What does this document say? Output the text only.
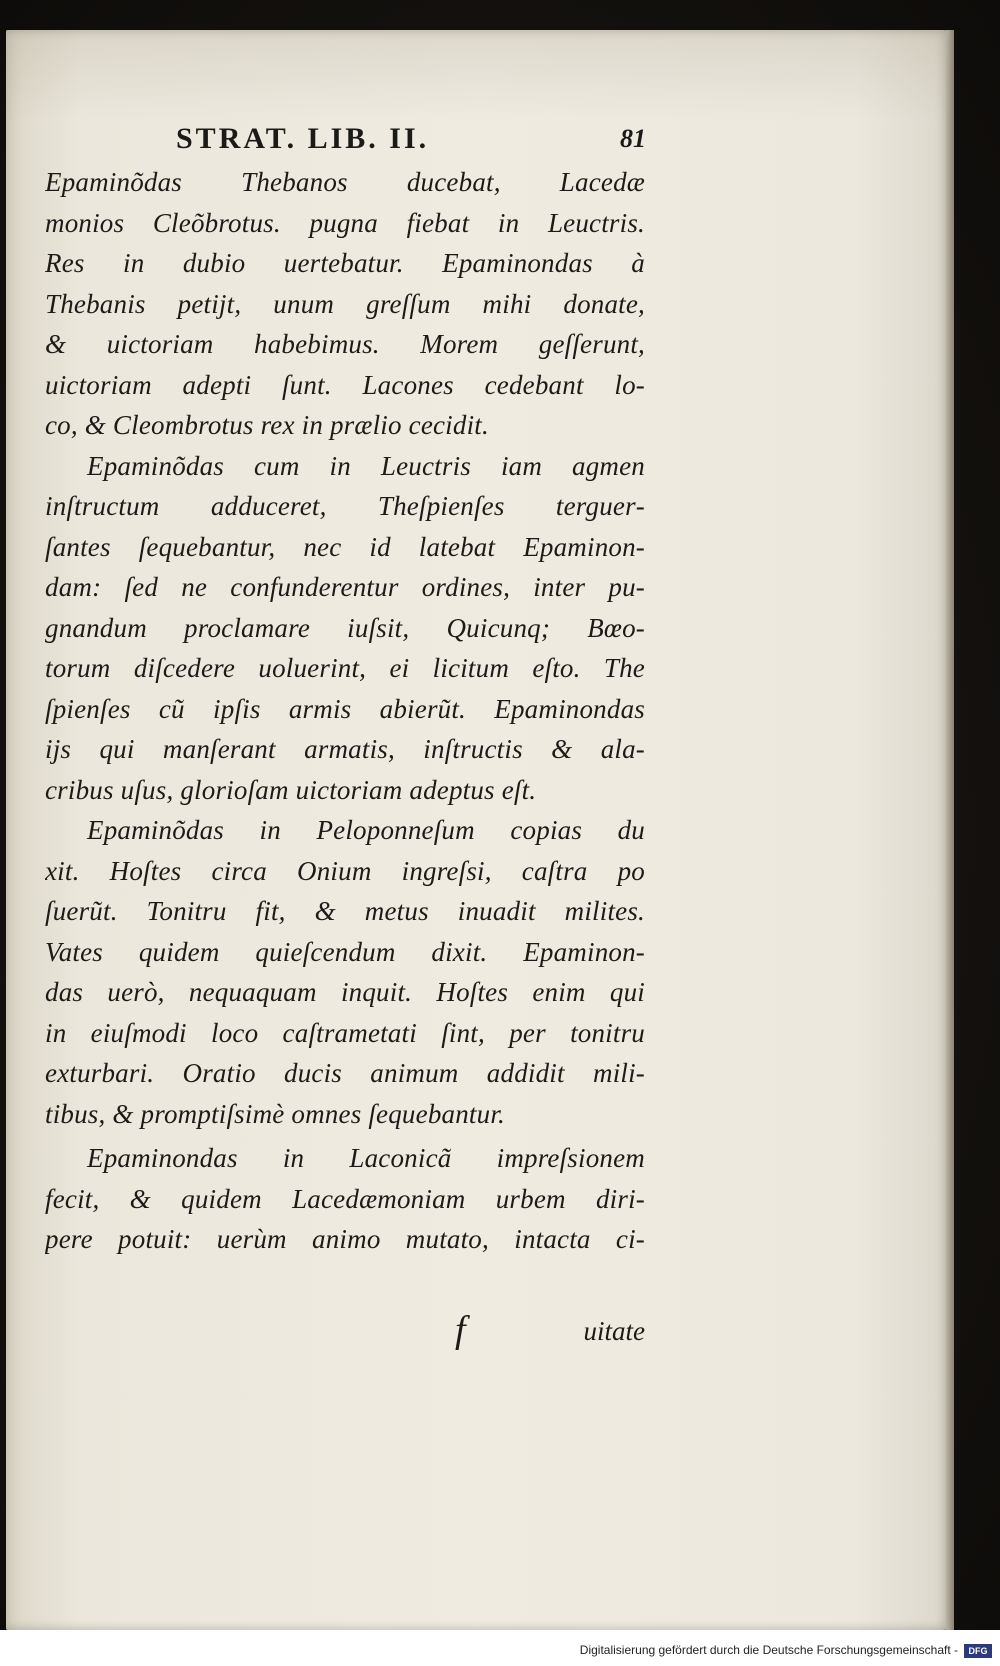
STRAT. LIB. II.	81
Epaminõdas Thebanos ducebat, Lacedæ
monios Cleõbrotus. pugna fiebat in Leuctris.
Res in dubio uertebatur. Epaminondas à
Thebanis petijt, unum greſſum mihi donate,
& uictoriam habebimus. Morem geſſerunt,
uictoriam adepti ſunt. Lacones cedebant lo‑
co, & Cleombrotus rex in prælio cecidit.
Epaminõdas cum in Leuctris iam agmen
inſtructum adduceret, Theſpienſes terguer‑
ſantes ſequebantur, nec id latebat Epaminon‑
dam: ſed ne confunderentur ordines, inter pu‑
gnandum proclamare iuſsit, Quicunq; Bœo‑
torum diſcedere uoluerint, ei licitum eſto. The
ſpienſes cũ ipſis armis abierũt. Epaminondas
ijs qui manſerant armatis, inſtructis & ala‑
cribus uſus, glorioſam uictoriam adeptus eſt.
Epaminõdas in Peloponneſum copias du
xit. Hoſtes circa Onium ingreſsi, caſtra po
ſuerũt. Tonitru fit, & metus inuadit milites.
Vates quidem quieſcendum dixit. Epaminon‑
das uerò, nequaquam inquit. Hoſtes enim qui
in eiuſmodi loco caſtrametati ſint, per tonitru
exturbari. Oratio ducis animum addidit mili‑
tibus, & promptiſsimè omnes ſequebantur.
Epaminondas in Laconicã impreſsionem
fecit, & quidem Lacedæmoniam urbem diri‑
pere potuit: uerùm animo mutato, intacta ci‑
f	uitate
Digitalisierung gefördert durch die Deutsche Forschungsgemeinschaft -	DFG
